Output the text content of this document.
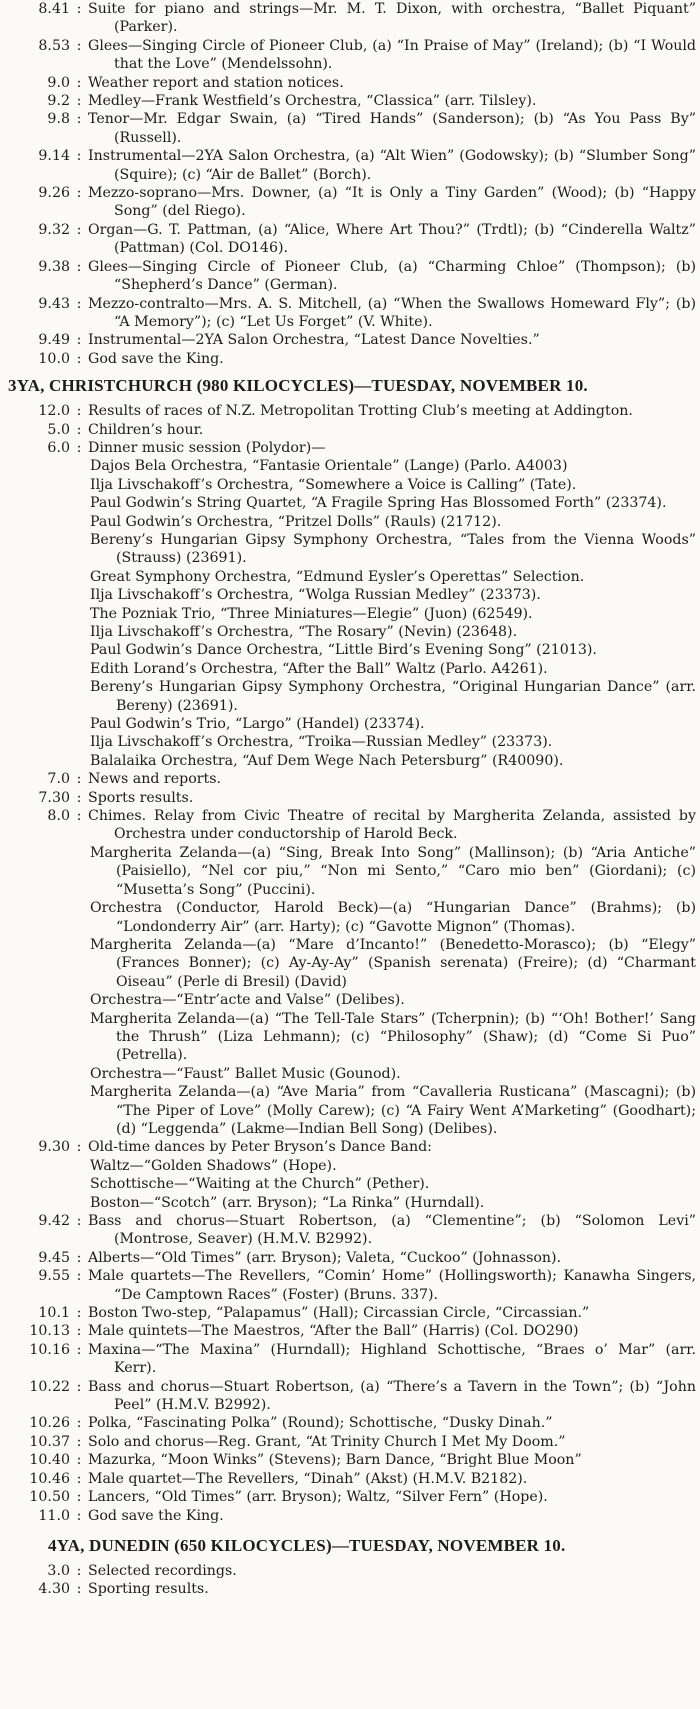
8.41 : Suite for piano and strings—Mr. M. T. Dixon, with orchestra, “Ballet Piquant” (Parker).
8.53 : Glees—Singing Circle of Pioneer Club, (a) “In Praise of May” (Ireland); (b) “I Would that the Love” (Mendelssohn).
9.0 : Weather report and station notices.
9.2 : Medley—Frank Westfield’s Orchestra, “Classica” (arr. Tilsley).
9.8 : Tenor—Mr. Edgar Swain, (a) “Tired Hands” (Sanderson); (b) “As You Pass By” (Russell).
9.14 : Instrumental—2YA Salon Orchestra, (a) “Alt Wien” (Godowsky); (b) “Slumber Song” (Squire); (c) “Air de Ballet” (Borch).
9.26 : Mezzo-soprano—Mrs. Downer, (a) “It is Only a Tiny Garden” (Wood); (b) “Happy Song” (del Riego).
9.32 : Organ—G. T. Pattman, (a) “Alice, Where Art Thou?” (Trdtl); (b) “Cinderella Waltz” (Pattman) (Col. DO146).
9.38 : Glees—Singing Circle of Pioneer Club, (a) “Charming Chloe” (Thompson); (b) “Shepherd’s Dance” (German).
9.43 : Mezzo-contralto—Mrs. A. S. Mitchell, (a) “When the Swallows Homeward Fly”; (b) “A Memory”); (c) “Let Us Forget” (V. White).
9.49 : Instrumental—2YA Salon Orchestra, “Latest Dance Novelties.”
10.0 : God save the King.
3YA, CHRISTCHURCH (980 KILOCYCLES)—TUESDAY, NOVEMBER 10.
12.0 : Results of races of N.Z. Metropolitan Trotting Club’s meeting at Addington.
5.0 : Children’s hour.
6.0 : Dinner music session (Polydor)—
Dajos Bela Orchestra, “Fantasie Orientale” (Lange) (Parlo. A4003)
Ilja Livschakoff’s Orchestra, “Somewhere a Voice is Calling” (Tate).
Paul Godwin’s String Quartet, “A Fragile Spring Has Blossomed Forth” (23374).
Paul Godwin’s Orchestra, “Pritzel Dolls” (Rauls) (21712).
Bereny’s Hungarian Gipsy Symphony Orchestra, “Tales from the Vienna Woods” (Strauss) (23691).
Great Symphony Orchestra, “Edmund Eysler’s Operettas” Selection.
Ilja Livschakoff’s Orchestra, “Wolga Russian Medley” (23373).
The Pozniak Trio, “Three Miniatures—Elegie” (Juon) (62549).
Ilja Livschakoff’s Orchestra, “The Rosary” (Nevin) (23648).
Paul Godwin’s Dance Orchestra, “Little Bird’s Evening Song” (21013).
Edith Lorand’s Orchestra, “After the Ball” Waltz (Parlo. A4261).
Bereny’s Hungarian Gipsy Symphony Orchestra, “Original Hungarian Dance” (arr. Bereny) (23691).
Paul Godwin’s Trio, “Largo” (Handel) (23374).
Ilja Livschakoff’s Orchestra, “Troika—Russian Medley” (23373).
Balalaika Orchestra, “Auf Dem Wege Nach Petersburg” (R40090).
7.0 : News and reports.
7.30 : Sports results.
8.0 : Chimes. Relay from Civic Theatre of recital by Margherita Zelanda, assisted by Orchestra under conductorship of Harold Beck.
Margherita Zelanda—(a) “Sing, Break Into Song” (Mallinson); (b) “Aria Antiche” (Paisiello), “Nel cor piu,” “Non mi Sento,” “Caro mio ben” (Giordani); (c) “Musetta’s Song” (Puccini).
Orchestra (Conductor, Harold Beck)—(a) “Hungarian Dance” (Brahms); (b) “Londonderry Air” (arr. Harty); (c) “Gavotte Mignon” (Thomas).
Margherita Zelanda—(a) “Mare d’Incanto!” (Benedetto-Morasco); (b) “Elegy” (Frances Bonner); (c) Ay-Ay-Ay” (Spanish serenata) (Freire); (d) “Charmant Oiseau” (Perle di Bresil) (David)
Orchestra—“Entr’acte and Valse” (Delibes).
Margherita Zelanda—(a) “The Tell-Tale Stars” (Tcherpnin); (b) “‘Oh! Bother!’ Sang the Thrush” (Liza Lehmann); (c) “Philosophy” (Shaw); (d) “Come Si Puo” (Petrella).
Orchestra—“Faust” Ballet Music (Gounod).
Margherita Zelanda—(a) “Ave Maria” from “Cavalleria Rusticana” (Mascagni); (b) “The Piper of Love” (Molly Carew); (c) “A Fairy Went A’Marketing” (Goodhart); (d) “Leggenda” (Lakme—Indian Bell Song) (Delibes).
9.30 : Old-time dances by Peter Bryson’s Dance Band:
Waltz—“Golden Shadows” (Hope).
Schottische—“Waiting at the Church” (Pether).
Boston—“Scotch” (arr. Bryson); “La Rinka” (Hurndall).
9.42 : Bass and chorus—Stuart Robertson, (a) “Clementine”; (b) “Solomon Levi” (Montrose, Seaver) (H.M.V. B2992).
9.45 : Alberts—“Old Times” (arr. Bryson); Valeta, “Cuckoo” (Johnasson).
9.55 : Male quartets—The Revellers, “Comin’ Home” (Hollingsworth); Kanawha Singers, “De Camptown Races” (Foster) (Bruns. 337).
10.1 : Boston Two-step, “Palapamus” (Hall); Circassian Circle, “Circassian.”
10.13 : Male quintets—The Maestros, “After the Ball” (Harris) (Col. DO290)
10.16 : Maxina—“The Maxina” (Hurndall); Highland Schottische, “Braes o’ Mar” (arr. Kerr).
10.22 : Bass and chorus—Stuart Robertson, (a) “There’s a Tavern in the Town”; (b) “John Peel” (H.M.V. B2992).
10.26 : Polka, “Fascinating Polka” (Round); Schottische, “Dusky Dinah.”
10.37 : Solo and chorus—Reg. Grant, “At Trinity Church I Met My Doom.”
10.40 : Mazurka, “Moon Winks” (Stevens); Barn Dance, “Bright Blue Moon”
10.46 : Male quartet—The Revellers, “Dinah” (Akst) (H.M.V. B2182).
10.50 : Lancers, “Old Times” (arr. Bryson); Waltz, “Silver Fern” (Hope).
11.0 : God save the King.
4YA, DUNEDIN (650 KILOCYCLES)—TUESDAY, NOVEMBER 10.
3.0 : Selected recordings.
4.30 : Sporting results.
